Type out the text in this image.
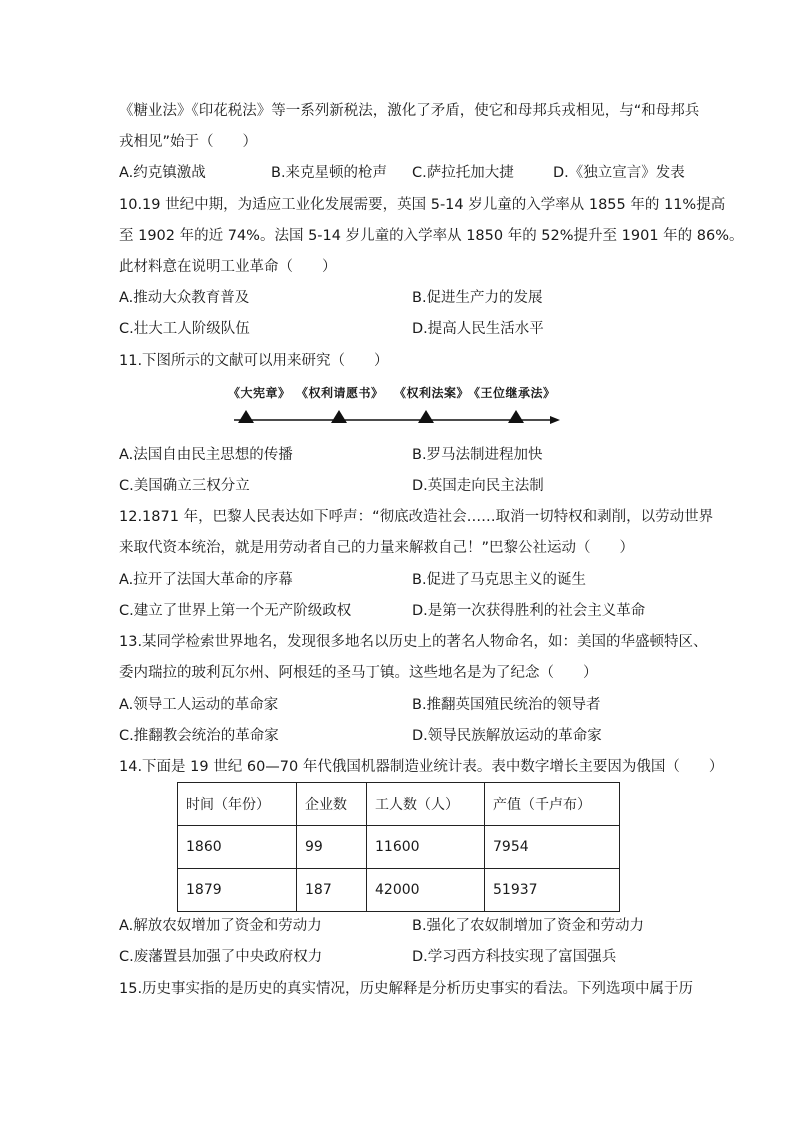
《糖业法》《印花税法》等一系列新税法，激化了矛盾，使它和母邦兵戎相见，与“和母邦兵
戎相见”始于（　　）
A.约克镇激战	B.来克星顿的枪声 C.萨拉托加大捷	D.《独立宣言》发表
10.19 世纪中期，为适应工业化发展需要，英国 5-14 岁儿童的入学率从 1855 年的 11%提高
至 1902 年的近 74%。法国 5-14 岁儿童的入学率从 1850 年的 52%提升至 1901 年的 86%。
此材料意在说明工业革命（　　）
A.推动大众教育普及	B.促进生产力的发展
C.壮大工人阶级队伍	D.提高人民生活水平
11.下图所示的文献可以用来研究（　　）
《大宪章》 《权利请愿书》 《权利法案》
《王位继承法》
A.法国自由民主思想的传播	B.罗马法制进程加快
C.美国确立三权分立	D.英国走向民主法制
12.1871 年，巴黎人民表达如下呼声：“彻底改造社会……取消一切特权和剥削，以劳动世界
来取代资本统治，就是用劳动者自己的力量来解救自己！”巴黎公社运动（　　）
A.拉开了法国大革命的序幕	B.促进了马克思主义的诞生
C.建立了世界上第一个无产阶级政权	D.是第一次获得胜利的社会主义革命
13.某同学检索世界地名，发现很多地名以历史上的著名人物命名，如：美国的华盛顿特区、
委内瑞拉的玻利瓦尔州、阿根廷的圣马丁镇。这些地名是为了纪念（　　）
A.领导工人运动的革命家	B.推翻英国殖民统治的领导者
C.推翻教会统治的革命家	D.领导民族解放运动的革命家
14.下面是 19 世纪 60—70 年代俄国机器制造业统计表。表中数字增长主要因为俄国（　　）
时间（年份）	企业数	工人数（人）	产值（千卢布）
1860	99	11600	7954
1879	187	42000	51937
A.解放农奴增加了资金和劳动力	B.强化了农奴制增加了资金和劳动力
C.废藩置县加强了中央政府权力	D.学习西方科技实现了富国强兵
15.历史事实指的是历史的真实情况，历史解释是分析历史事实的看法。下列选项中属于历
